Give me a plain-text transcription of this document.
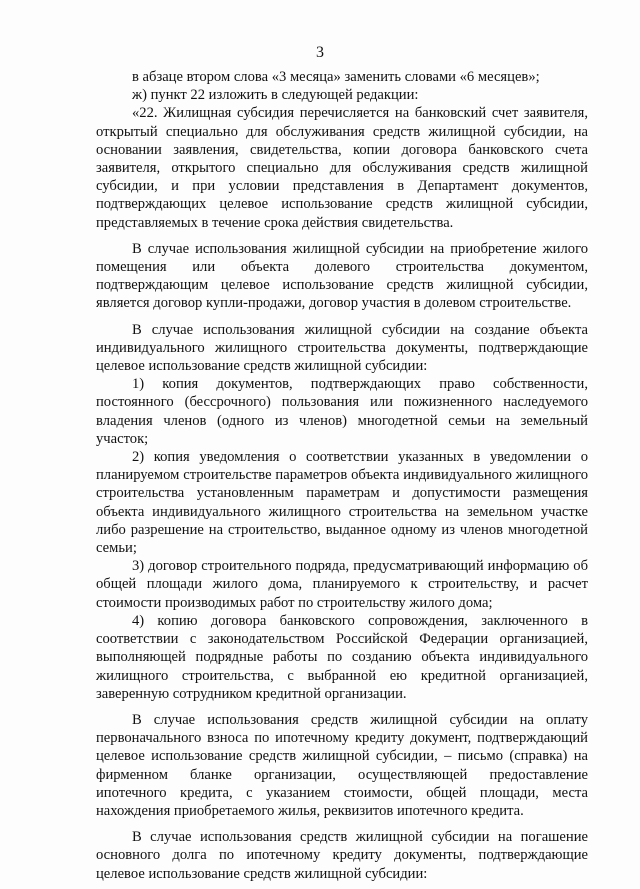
3

в абзаце втором слова «3 месяца» заменить словами «6 месяцев»;

ж) пункт 22 изложить в следующей редакции:

«22. Жилищная субсидия перечисляется на банковский счет заявителя, открытый специально для обслуживания средств жилищной субсидии, на основании заявления, свидетельства, копии договора банковского счета заявителя, открытого специально для обслуживания средств жилищной субсидии, и при условии представления в Департамент документов, подтверждающих целевое использование средств жилищной субсидии, представляемых в течение срока действия свидетельства.

В случае использования жилищной субсидии на приобретение жилого помещения или объекта долевого строительства документом, подтверждающим целевое использование средств жилищной субсидии, является договор купли-продажи, договор участия в долевом строительстве.

В случае использования жилищной субсидии на создание объекта индивидуального жилищного строительства документы, подтверждающие целевое использование средств жилищной субсидии:

1) копия документов, подтверждающих право собственности, постоянного (бессрочного) пользования или пожизненного наследуемого владения членов (одного из членов) многодетной семьи на земельный участок;

2) копия уведомления о соответствии указанных в уведомлении о планируемом строительстве параметров объекта индивидуального жилищного строительства установленным параметрам и допустимости размещения объекта индивидуального жилищного строительства на земельном участке либо разрешение на строительство, выданное одному из членов многодетной семьи;

3) договор строительного подряда, предусматривающий информацию об общей площади жилого дома, планируемого к строительству, и расчет стоимости производимых работ по строительству жилого дома;

4) копию договора банковского сопровождения, заключенного в соответствии с законодательством Российской Федерации организацией, выполняющей подрядные работы по созданию объекта индивидуального жилищного строительства, с выбранной ею кредитной организацией, заверенную сотрудником кредитной организации.

В случае использования средств жилищной субсидии на оплату первоначального взноса по ипотечному кредиту документ, подтверждающий целевое использование средств жилищной субсидии, – письмо (справка) на фирменном бланке организации, осуществляющей предоставление ипотечного кредита, с указанием стоимости, общей площади, места нахождения приобретаемого жилья, реквизитов ипотечного кредита.

В случае использования средств жилищной субсидии на погашение основного долга по ипотечному кредиту документы, подтверждающие целевое использование средств жилищной субсидии:
